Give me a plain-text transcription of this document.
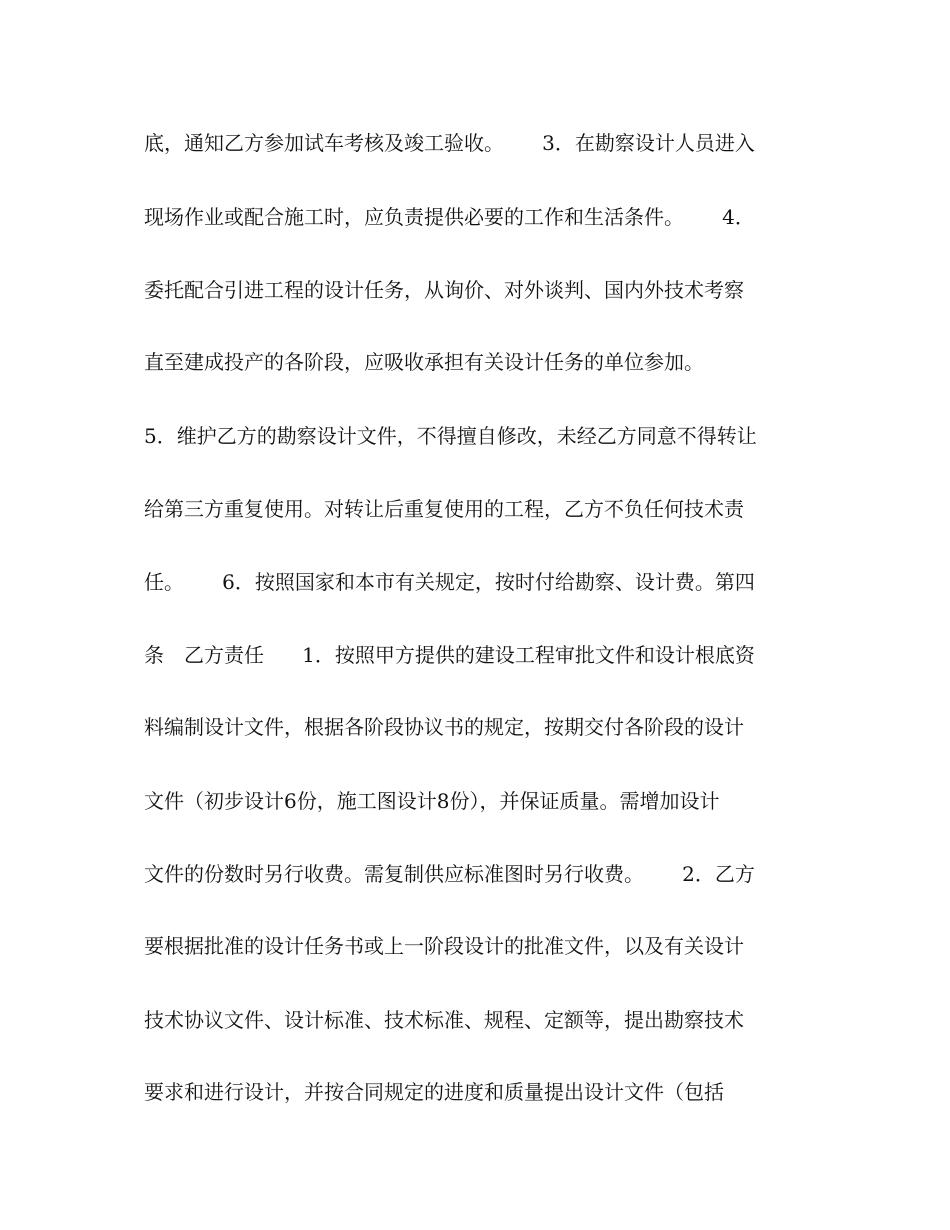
底，通知乙方参加试车考核及竣工验收。      3．在勘察设计人员进入
现场作业或配合施工时，应负责提供必要的工作和生活条件。      4．
委托配合引进工程的设计任务，从询价、对外谈判、国内外技术考察
直至建成投产的各阶段，应吸收承担有关设计任务的单位参加。
5．维护乙方的勘察设计文件，不得擅自修改，未经乙方同意不得转让
给第三方重复使用。对转让后重复使用的工程，乙方不负任何技术责
任。      6．按照国家和本市有关规定，按时付给勘察、设计费。第四
条　乙方责任      1．按照甲方提供的建设工程审批文件和设计根底资
料编制设计文件，根据各阶段协议书的规定，按期交付各阶段的设计
文件（初步设计6份，施工图设计8份），并保证质量。需增加设计
文件的份数时另行收费。需复制供应标准图时另行收费。      2．乙方
要根据批准的设计任务书或上一阶段设计的批准文件，以及有关设计
技术协议文件、设计标准、技术标准、规程、定额等，提出勘察技术
要求和进行设计，并按合同规定的进度和质量提出设计文件（包括
